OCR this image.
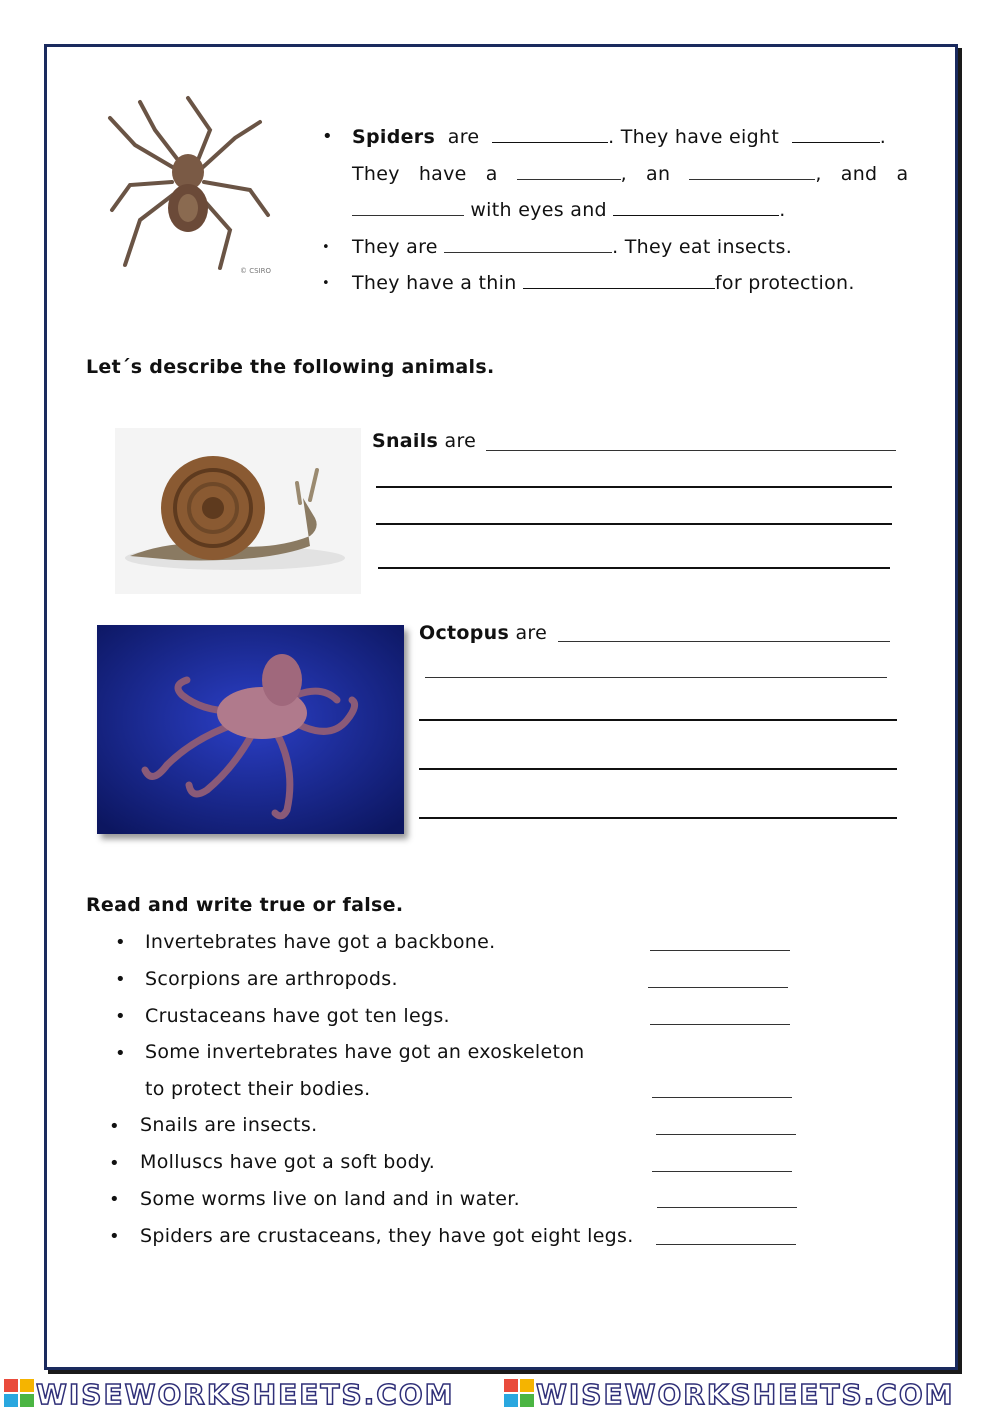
© CSIRO
• Spiders are	. They have eight	.
They have a	, an	, and a
with eyes and	.
• They are	. They eat insects.
• They have a thin	for protection.
Let´s describe the following animals.
Snails are
Octopus are
Read and write true or false.
• Invertebrates have got a backbone.
• Scorpions are arthropods.
• Crustaceans have got ten legs.
• Some invertebrates have got an exoskeleton
to protect their bodies.
• Snails are insects.
• Molluscs have got a soft body.
• Some worms live on land and in water.
• Spiders are crustaceans, they have got eight legs.
WISEWORKSHEETS.COM	WISEWORKSHEETS.COM
